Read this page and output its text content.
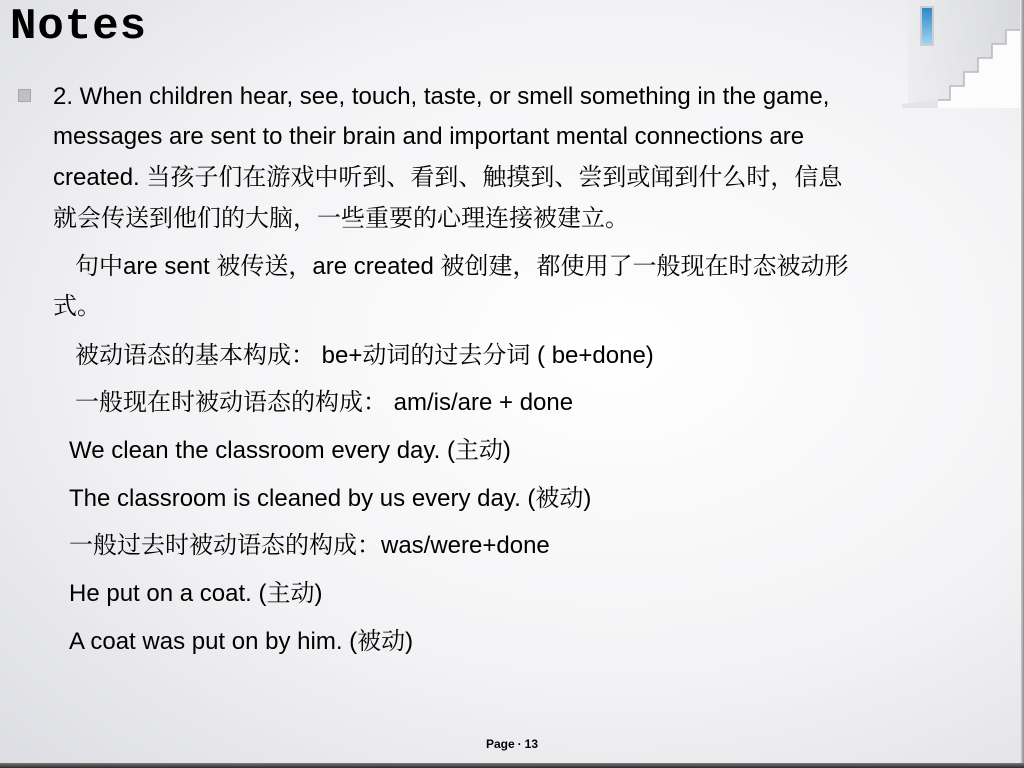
Notes
2. When children hear, see, touch, taste, or smell something in the game,
messages are sent to their brain and important mental connections are
created. 当孩子们在游戏中听到、看到、触摸到、尝到或闻到什么时，信息
就会传送到他们的大脑，一些重要的心理连接被建立。
句中are sent 被传送，are created 被创建，都使用了一般现在时态被动形
式。
被动语态的基本构成： be+动词的过去分词 ( be+done)
一般现在时被动语态的构成： am/is/are + done
We clean the classroom every day. (主动)
The classroom is cleaned by us every day. (被动)
一般过去时被动语态的构成：was/were+done
He put on a coat. (主动)
A coat was put on by him. (被动)
Page · 13
